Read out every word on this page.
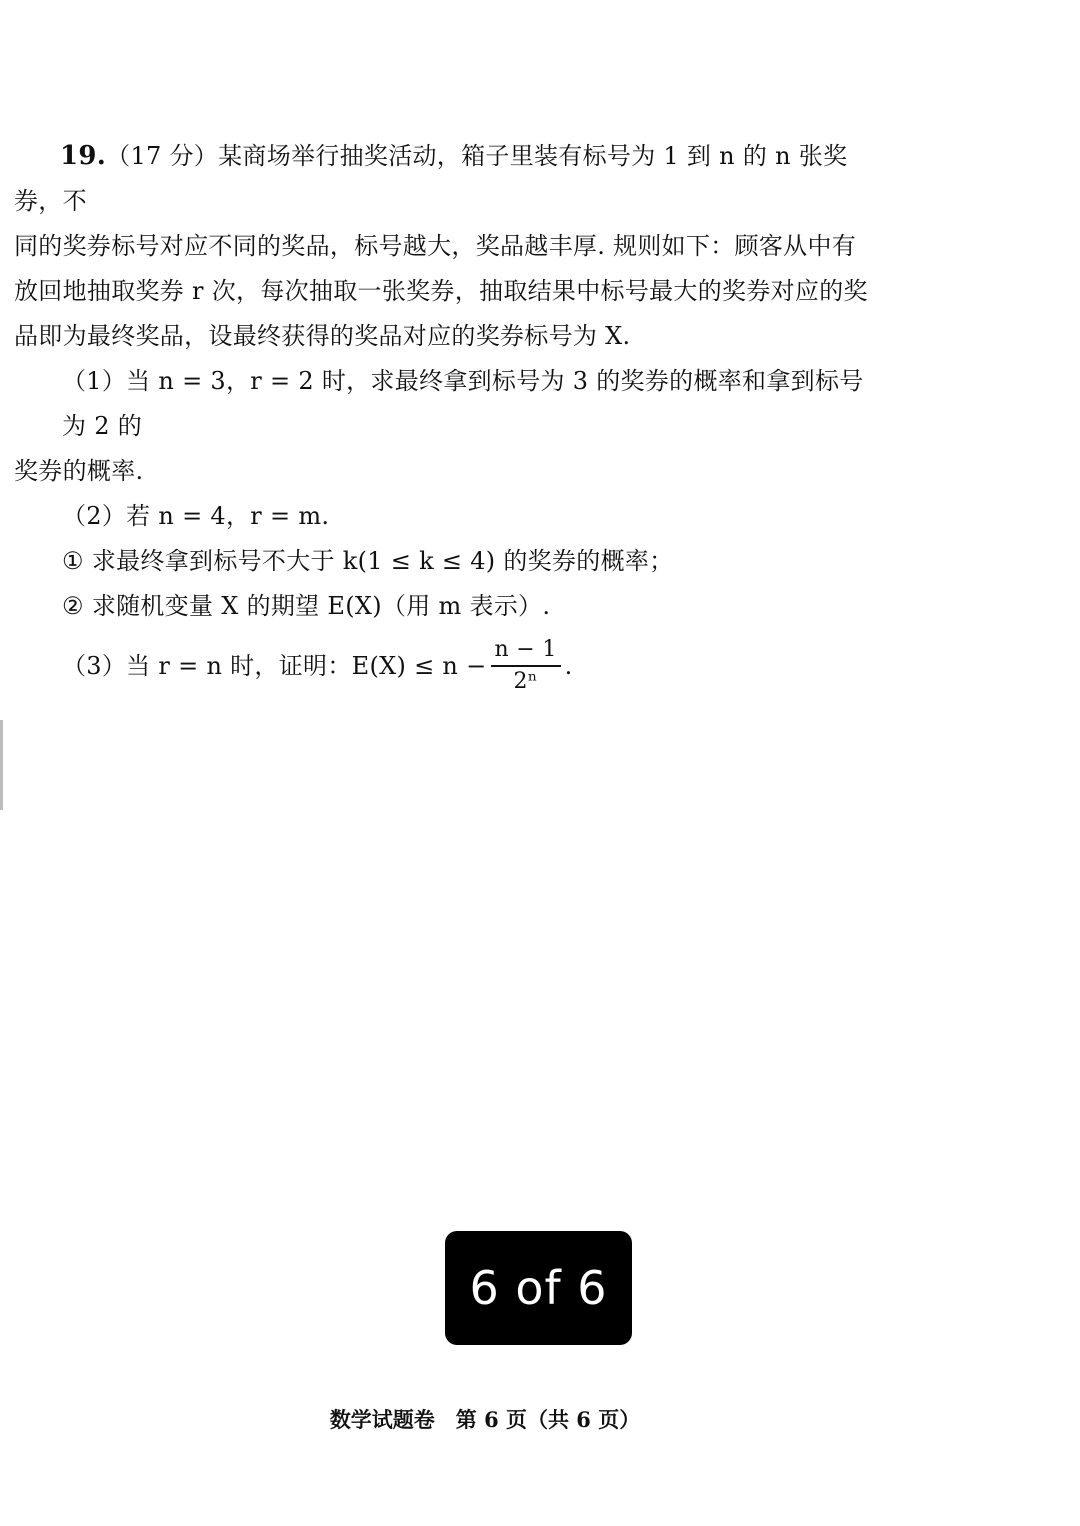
19.（17 分）某商场举行抽奖活动，箱子里装有标号为 1 到 n 的 n 张奖券，不
同的奖券标号对应不同的奖品，标号越大，奖品越丰厚. 规则如下：顾客从中有
放回地抽取奖券 r 次，每次抽取一张奖券，抽取结果中标号最大的奖券对应的奖
品即为最终奖品，设最终获得的奖品对应的奖券标号为 X.

（1）当 n = 3，r = 2 时，求最终拿到标号为 3 的奖券的概率和拿到标号为 2 的

奖券的概率.

（2）若 n = 4，r = m.

① 求最终拿到标号不大于 k(1 ≤ k ≤ 4) 的奖券的概率；

② 求随机变量 X 的期望 E(X)（用 m 表示）.

（3）当 r = n 时，证明：$E(X) \le n - \frac{n - 1}{\text{2ⁿ}}$ .

6 of 6
数学试题卷　第 6 页（共 6 页）
